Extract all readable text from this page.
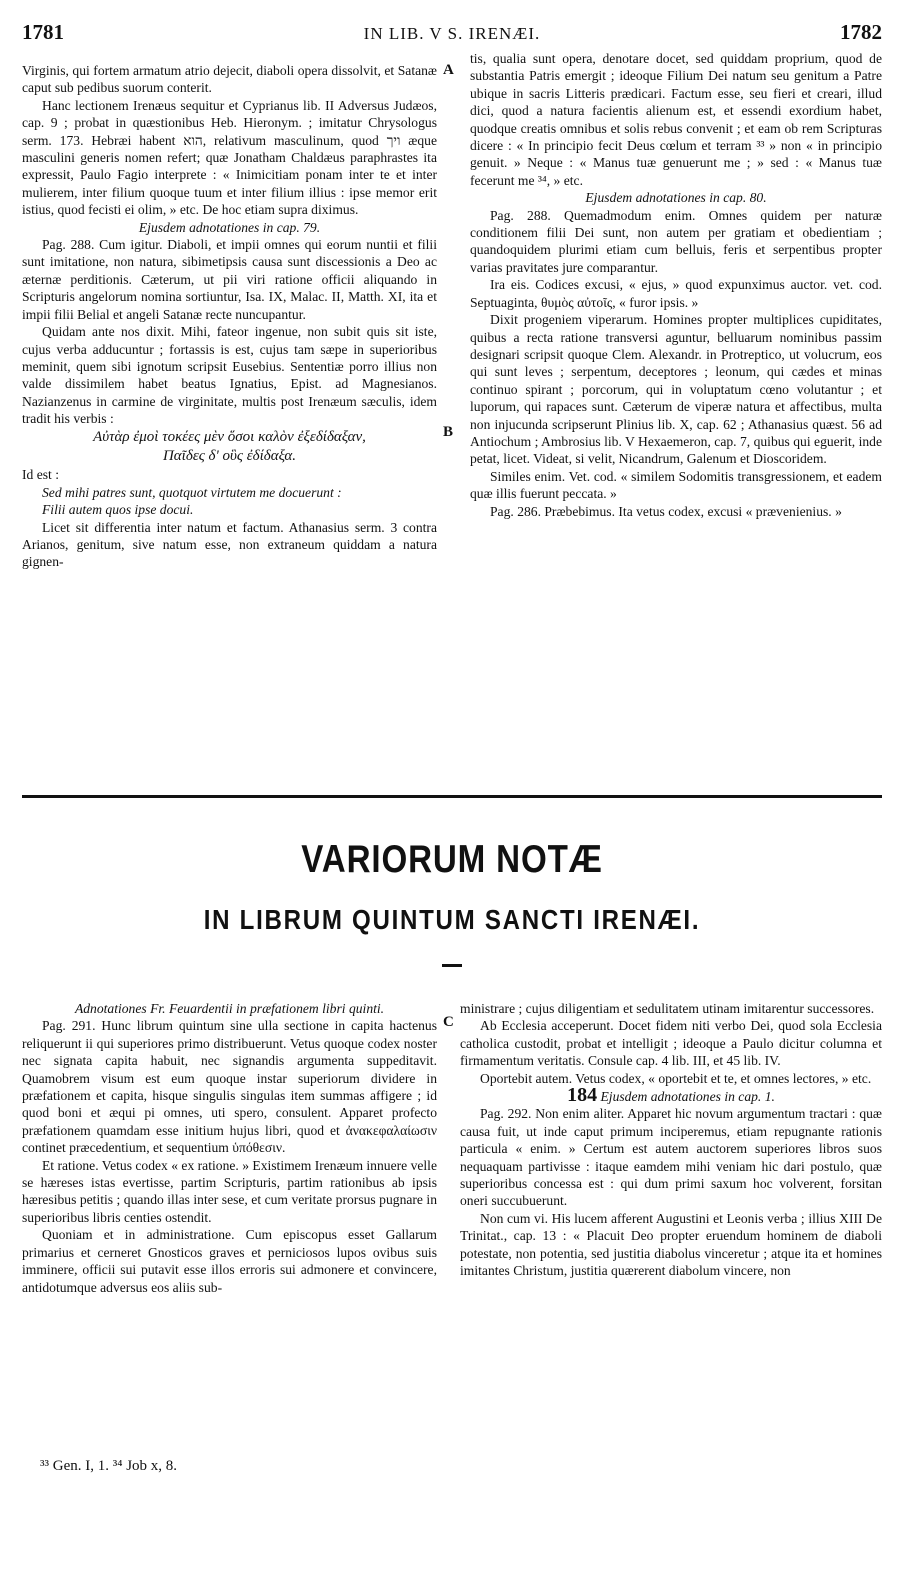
1781	IN LIB. V S. IRENÆI.	1782

Virginis, qui fortem armatum atrio dejecit, diaboli opera dissolvit, et Satanæ caput sub pedibus suorum conterit.

Hanc lectionem Irenæus sequitur et Cyprianus lib. II Adversus Judæos, cap. 9 ; probat in quæstionibus Heb. Hieronym. ; imitatur Chrysologus serm. 173. Hebræi habent הוא, relativum masculinum, quod ויך æque masculini generis nomen refert; quæ Jonatham Chaldæus paraphrastes ita expressit, Paulo Fagio interprete : « Inimicitiam ponam inter te et inter mulierem, inter filium quoque tuum et inter filium illius : ipse memor erit istius, quod fecisti ei olim, » etc. De hoc etiam supra diximus.

Ejusdem adnotationes in cap. 79.

Pag. 288. Cum igitur. Diaboli, et impii omnes qui eorum nuntii et filii sunt imitatione, non natura, sibimetipsis causa sunt discessionis a Deo ac æternæ perditionis. Cæterum, ut pii viri ratione officii aliquando in Scripturis angelorum nomina sortiuntur, Isa. IX, Malac. II, Matth. XI, ita et impii filii Belial et angeli Satanæ recte nuncupantur.

Quidam ante nos dixit. Mihi, fateor ingenue, non subit quis sit iste, cujus verba adducuntur ; fortassis is est, cujus tam sæpe in superioribus meminit, quem sibi ignotum scripsit Eusebius. Sententiæ porro illius non valde dissimilem habet beatus Ignatius, Epist. ad Magnesianos. Nazianzenus in carmine de virginitate, multis post Irenæum sæculis, idem tradit his verbis :

Αὐτὰρ ἐμοὶ τοκέες μὲν ὅσοι καλὸν ἐξεδίδαξαν,

Παῖδες δ' οὓς ἐδίδαξα.

Id est :

Sed mihi patres sunt, quotquot virtutem me docuerunt :

Filii autem quos ipse docui.

Licet sit differentia inter natum et factum. Athanasius serm. 3 contra Arianos, genitum, sive natum esse, non extraneum quiddam a natura gignen-

A
B

tis, qualia sunt opera, denotare docet, sed quiddam proprium, quod de substantia Patris emergit ; ideoque Filium Dei natum seu genitum a Patre ubique in sacris Litteris prædicari. Factum esse, seu fieri et creari, illud dici, quod a natura facientis alienum est, et essendi exordium habet, quodque creatis omnibus et solis rebus convenit ; et eam ob rem Scripturas dicere : « In principio fecit Deus cœlum et terram ³³ » non « in principio genuit. » Neque : « Manus tuæ genuerunt me ; » sed : « Manus tuæ fecerunt me ³⁴, » etc.

Ejusdem adnotationes in cap. 80.

Pag. 288. Quemadmodum enim. Omnes quidem per naturæ conditionem filii Dei sunt, non autem per gratiam et obedientiam ; quandoquidem plurimi etiam cum belluis, feris et serpentibus propter varias pravitates jure comparantur.

Ira eis. Codices excusi, « ejus, » quod expunximus auctor. vet. cod. Septuaginta, θυμὸς αὐτοῖς, « furor ipsis. »

Dixit progeniem viperarum. Homines propter multiplices cupiditates, quibus a recta ratione transversi aguntur, belluarum nominibus passim designari scripsit quoque Clem. Alexandr. in Protreptico, ut volucrum, eos qui sunt leves ; serpentum, deceptores ; leonum, qui cædes et minas continuo spirant ; porcorum, qui in voluptatum cœno volutantur ; et luporum, qui rapaces sunt. Cæterum de viperæ natura et affectibus, multa non injucunda scripserunt Plinius lib. X, cap. 62 ; Athanasius quæst. 56 ad Antiochum ; Ambrosius lib. V Hexaemeron, cap. 7, quibus qui eguerit, inde petat, licet. Videat, si velit, Nicandrum, Galenum et Dioscoridem.

Similes enim. Vet. cod. « similem Sodomitis transgressionem, et eadem quæ illis fuerunt peccata. »

Pag. 286. Præbebimus. Ita vetus codex, excusi « prævenienius. »

VARIORUM NOTÆ
IN LIBRUM QUINTUM SANCTI IRENÆI.

Adnotationes Fr. Feuardentii in præfationem libri quinti.

Pag. 291. Hunc librum quintum sine ulla sectione in capita hactenus reliquerunt ii qui superiores primo distribuerunt. Vetus quoque codex noster nec signata capita habuit, nec signandis argumenta suppeditavit. Quamobrem visum est eum quoque instar superiorum dividere in præfationem et capita, hisque singulis singulas item summas affigere ; id quod boni et æqui pi omnes, uti spero, consulent. Apparet profecto præfationem quamdam esse initium hujus libri, quod et ἀνακεφαλαίωσιν continet præcedentium, et sequentium ὑπόθεσιν.

Et ratione. Vetus codex « ex ratione. » Existimem Irenæum innuere velle se hæreses istas evertisse, partim Scripturis, partim rationibus ab ipsis hæresibus petitis ; quando illas inter sese, et cum veritate prorsus pugnare in superioribus libris centies ostendit.

Quoniam et in administratione. Cum episcopus esset Gallarum primarius et cerneret Gnosticos graves et perniciosos lupos ovibus suis imminere, officii sui putavit esse illos erroris sui admonere et convincere, antidotumque adversus eos aliis sub-

C

ministrare ; cujus diligentiam et sedulitatem utinam imitarentur successores.

Ab Ecclesia acceperunt. Docet fidem niti verbo Dei, quod sola Ecclesia catholica custodit, probat et intelligit ; ideoque a Paulo dicitur columna et firmamentum veritatis. Consule cap. 4 lib. III, et 45 lib. IV.

Oportebit autem. Vetus codex, « oportebit et te, et omnes lectores, » etc.

184 Ejusdem adnotationes in cap. 1.

Pag. 292. Non enim aliter. Apparet hic novum argumentum tractari : quæ causa fuit, ut inde caput primum inciperemus, etiam repugnante rationis particula « enim. » Certum est autem auctorem superiores libros suos nequaquam partivisse : itaque eamdem mihi veniam hic dari postulo, quæ superioribus concessa est : qui dum primi saxum hoc volverent, forsitan oneri succubuerunt.

Non cum vi. His lucem afferent Augustini et Leonis verba ; illius XIII De Trinitat., cap. 13 : « Placuit Deo propter eruendum hominem de diaboli potestate, non potentia, sed justitia diabolus vinceretur ; atque ita et homines imitantes Christum, justitia quærerent diabolum vincere, non

³³ Gen. I, 1. ³⁴ Job x, 8.
